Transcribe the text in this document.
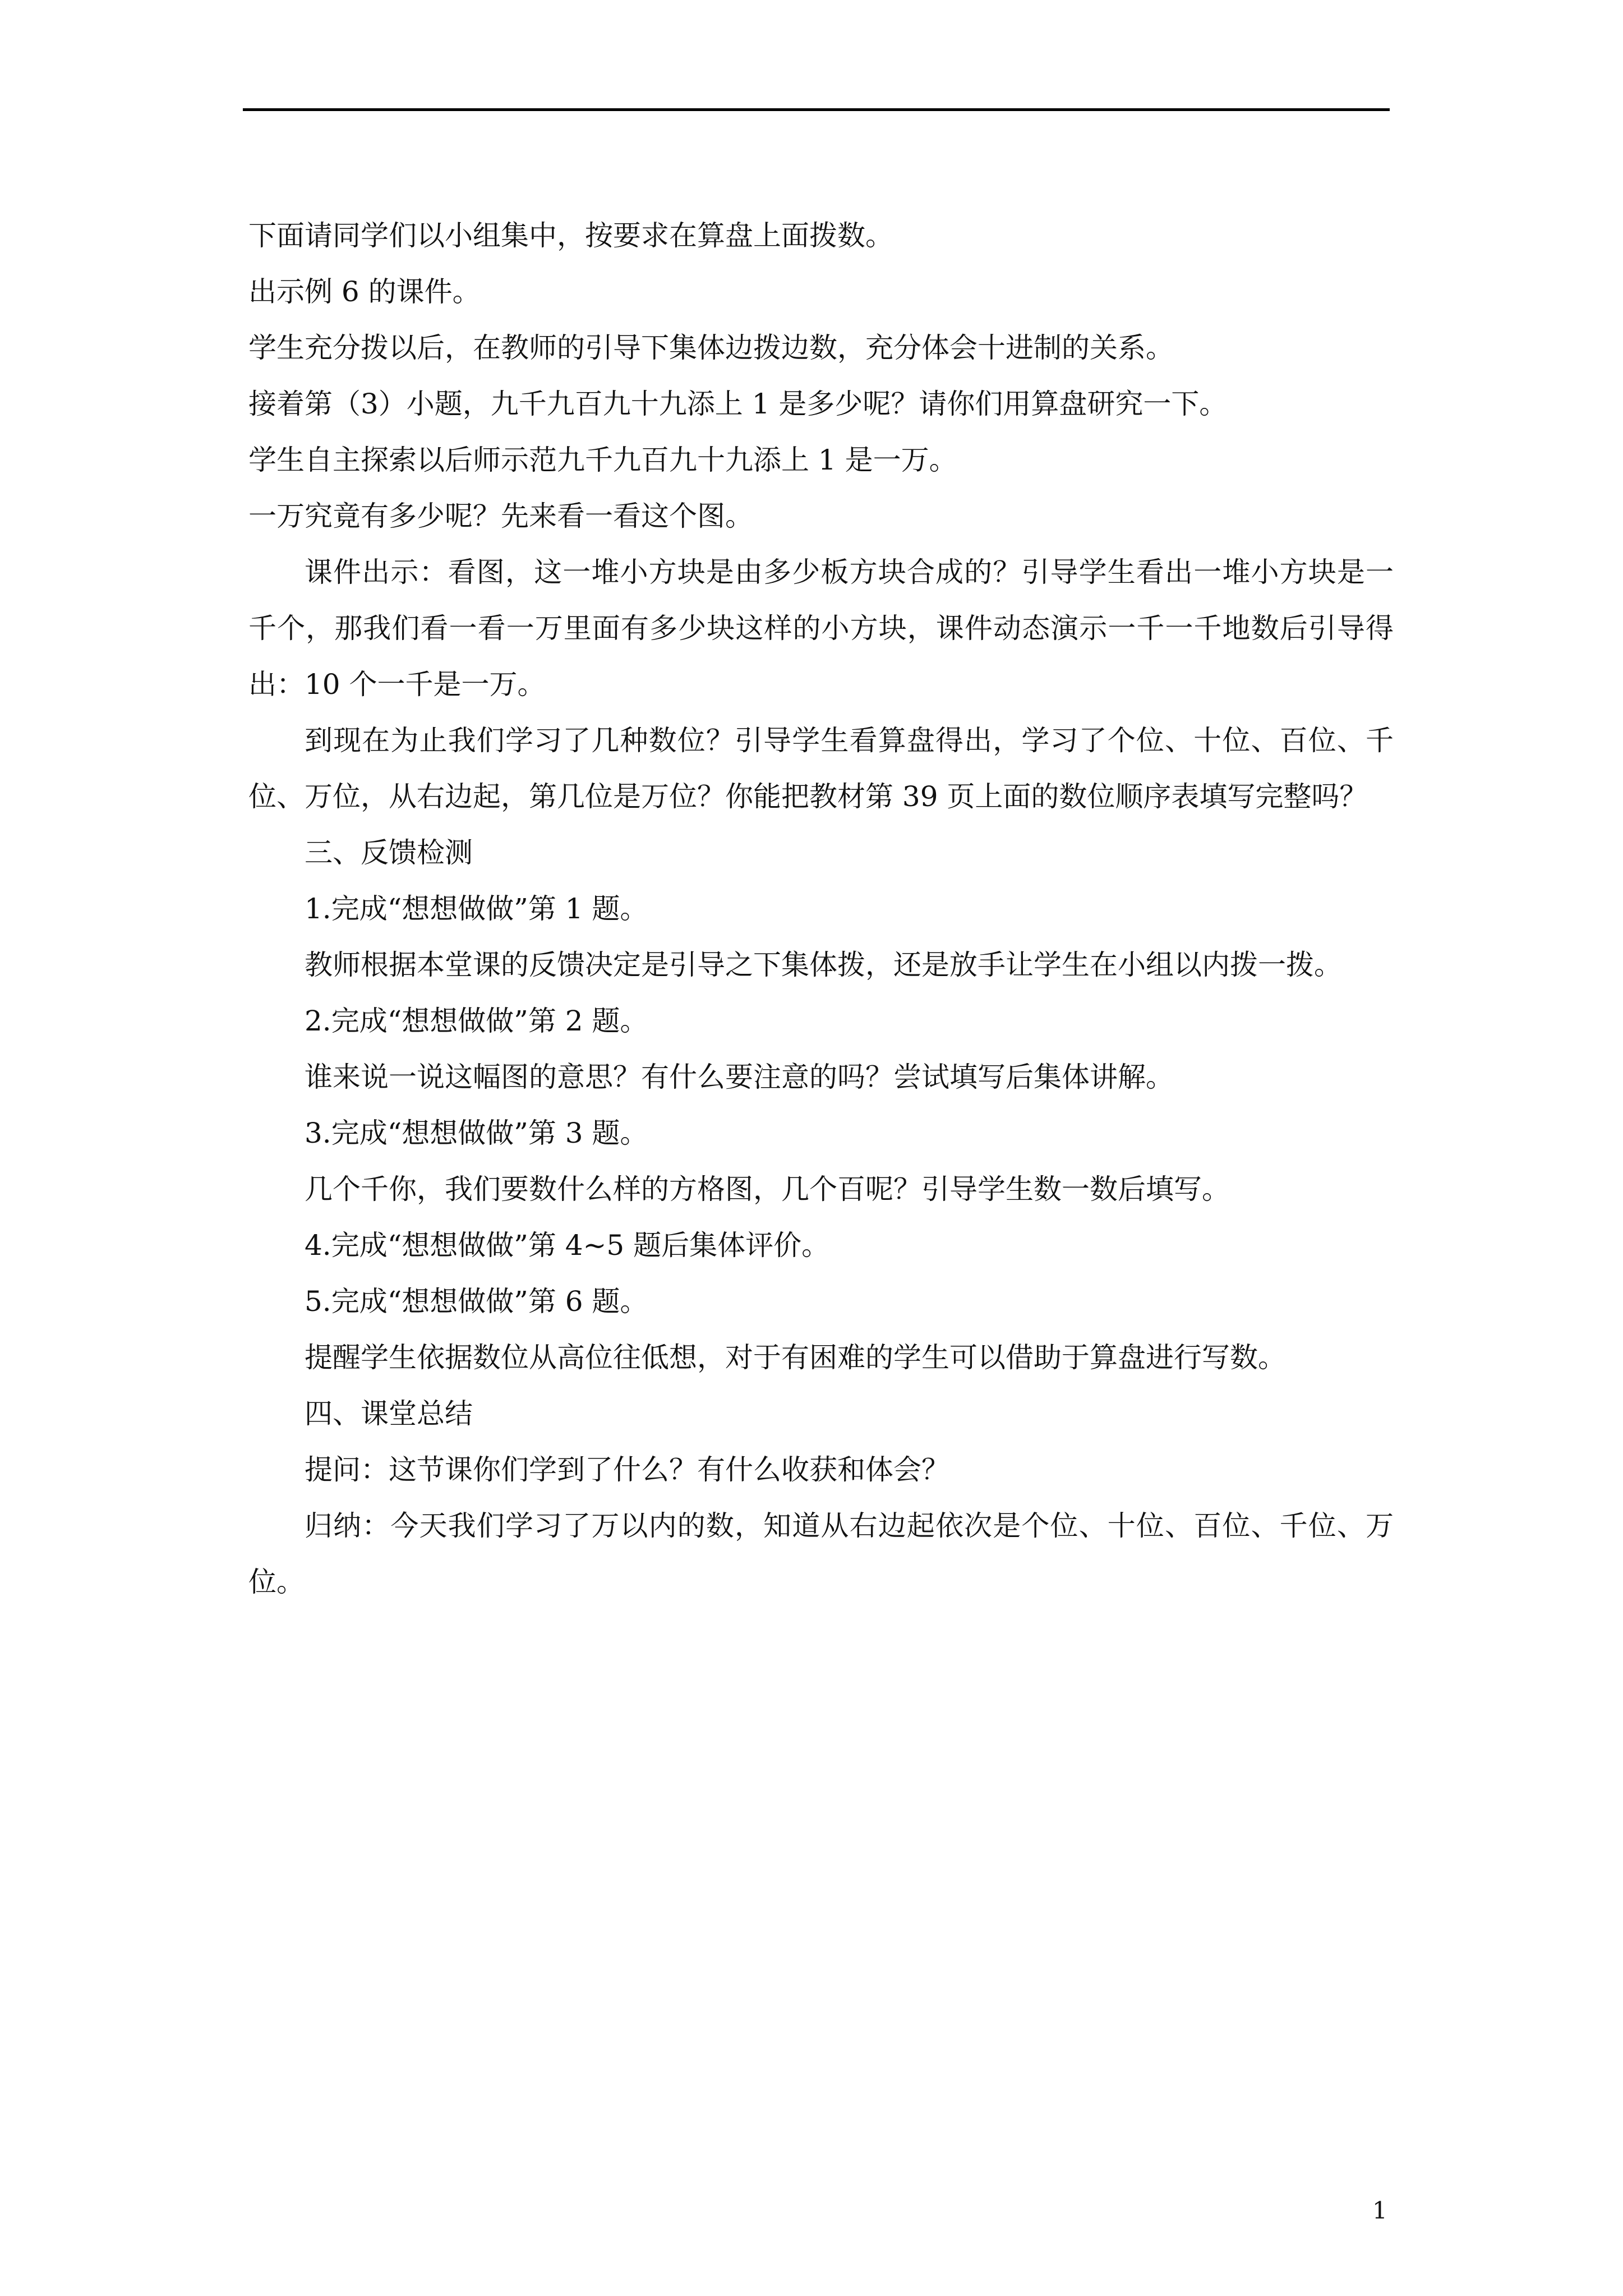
下面请同学们以小组集中，按要求在算盘上面拨数。

出示例 6 的课件。

学生充分拨以后，在教师的引导下集体边拨边数，充分体会十进制的关系。

接着第（3）小题，九千九百九十九添上 1 是多少呢？请你们用算盘研究一下。

学生自主探索以后师示范九千九百九十九添上 1 是一万。

一万究竟有多少呢？先来看一看这个图。

课件出示：看图，这一堆小方块是由多少板方块合成的？引导学生看出一堆小方块是一千个，那我们看一看一万里面有多少块这样的小方块，课件动态演示一千一千地数后引导得出：10 个一千是一万。

到现在为止我们学习了几种数位？引导学生看算盘得出，学习了个位、十位、百位、千位、万位，从右边起，第几位是万位？你能把教材第 39 页上面的数位顺序表填写完整吗？

三、反馈检测

1.完成“想想做做”第 1 题。

教师根据本堂课的反馈决定是引导之下集体拨，还是放手让学生在小组以内拨一拨。

2.完成“想想做做”第 2 题。

谁来说一说这幅图的意思？有什么要注意的吗？尝试填写后集体讲解。

3.完成“想想做做”第 3 题。

几个千你，我们要数什么样的方格图，几个百呢？引导学生数一数后填写。

4.完成“想想做做”第 4~5 题后集体评价。

5.完成“想想做做”第 6 题。

提醒学生依据数位从高位往低想，对于有困难的学生可以借助于算盘进行写数。

四、课堂总结

提问：这节课你们学到了什么？有什么收获和体会？

归纳：今天我们学习了万以内的数，知道从右边起依次是个位、十位、百位、千位、万位。

1
